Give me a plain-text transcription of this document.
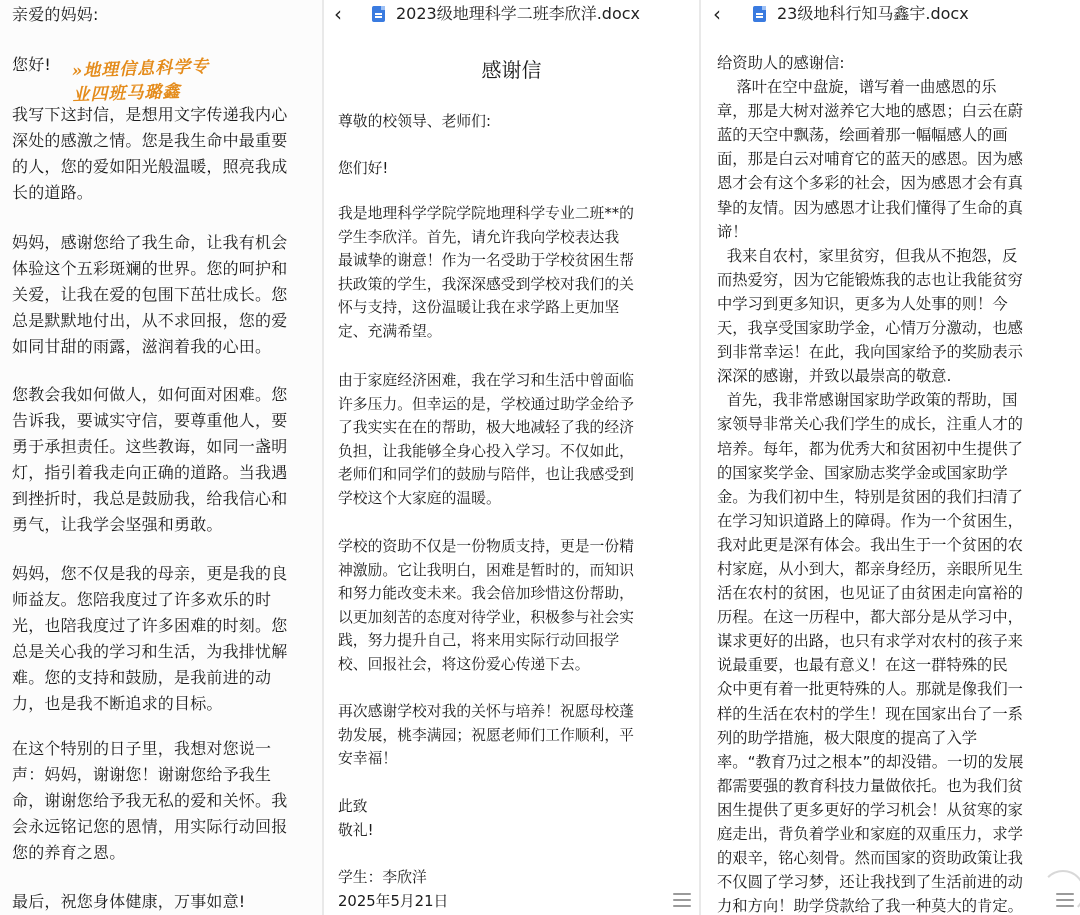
亲爱的妈妈:
您好!	»地理信息科学专
业四班马璐鑫
我写下这封信，是想用文字传递我内心
深处的感激之情。您是我生命中最重要
的人，您的爱如阳光般温暖，照亮我成
长的道路。
妈妈，感谢您给了我生命，让我有机会
体验这个五彩斑斓的世界。您的呵护和
关爱，让我在爱的包围下茁壮成长。您
总是默默地付出，从不求回报，您的爱
如同甘甜的雨露，滋润着我的心田。
您教会我如何做人，如何面对困难。您
告诉我，要诚实守信，要尊重他人，要
勇于承担责任。这些教诲，如同一盏明
灯，指引着我走向正确的道路。当我遇
到挫折时，我总是鼓励我，给我信心和
勇气，让我学会坚强和勇敢。
妈妈，您不仅是我的母亲，更是我的良
师益友。您陪我度过了许多欢乐的时
光，也陪我度过了许多困难的时刻。您
总是关心我的学习和生活，为我排忧解
难。您的支持和鼓励，是我前进的动
力，也是我不断追求的目标。
在这个特别的日子里，我想对您说一
声：妈妈，谢谢您！谢谢您给予我生
命，谢谢您给予我无私的爱和关怀。我
会永远铭记您的恩情，用实际行动回报
您的养育之恩。
最后，祝您身体健康，万事如意!
‹	2023级地理科学二班李欣洋.docx
感谢信
尊敬的校领导、老师们:
您们好!
我是地理科学学院学院地理科学专业二班**的
学生李欣洋。首先，请允许我向学校表达我
最诚挚的谢意！作为一名受助于学校贫困生帮
扶政策的学生，我深深感受到学校对我们的关
怀与支持，这份温暖让我在求学路上更加坚
定、充满希望。
由于家庭经济困难，我在学习和生活中曾面临
许多压力。但幸运的是，学校通过助学金给予
了我实实在在的帮助，极大地减轻了我的经济
负担，让我能够全身心投入学习。不仅如此，
老师们和同学们的鼓励与陪伴，也让我感受到
学校这个大家庭的温暖。
学校的资助不仅是一份物质支持，更是一份精
神激励。它让我明白，困难是暂时的，而知识
和努力能改变未来。我会倍加珍惜这份帮助，
以更加刻苦的态度对待学业，积极参与社会实
践，努力提升自己，将来用实际行动回报学
校、回报社会，将这份爱心传递下去。
再次感谢学校对我的关怀与培养！祝愿母校蓬
勃发展，桃李满园；祝愿老师们工作顺利，平
安幸福！
此致
敬礼!
学生：李欣洋
2025年5月21日
‹	23级地科行知马鑫宇.docx
给资助人的感谢信:
落叶在空中盘旋，谱写着一曲感恩的乐
章，那是大树对滋养它大地的感恩；白云在蔚
蓝的天空中飘荡，绘画着那一幅幅感人的画
面，那是白云对哺育它的蓝天的感恩。因为感
恩才会有这个多彩的社会，因为感恩才会有真
挚的友情。因为感恩才让我们懂得了生命的真
谛！
我来自农村，家里贫穷，但我从不抱怨，反
而热爱穷，因为它能锻炼我的志也让我能贫穷
中学习到更多知识，更多为人处事的则！今
天，我享受国家助学金，心情万分激动，也感
到非常幸运！在此，我向国家给予的奖励表示
深深的感谢，并致以最崇高的敬意.
首先，我非常感谢国家助学政策的帮助，国
家领导非常关心我们学生的成长，注重人才的
培养。每年，都为优秀大和贫困初中生提供了
的国家奖学金、国家励志奖学金或国家助学
金。为我们初中生，特别是贫困的我们扫清了
在学习知识道路上的障碍。作为一个贫困生，
我对此更是深有体会。我出生于一个贫困的农
村家庭，从小到大，都亲身经历，亲眼所见生
活在农村的贫困，也见证了由贫困走向富裕的
历程。在这一历程中，都大部分是从学习中，
谋求更好的出路，也只有求学对农村的孩子来
说最重要，也最有意义！在这一群特殊的民
众中更有着一批更特殊的人。那就是像我们一
样的生活在农村的学生！现在国家出台了一系
列的助学措施，极大限度的提高了入学
率。“教育乃过之根本”的却没错。一切的发展
都需要强的教育科技力量做依托。也为我们贫
困生提供了更多更好的学习机会！从贫寒的家
庭走出，背负着学业和家庭的双重压力，求学
的艰辛，铭心刻骨。然而国家的资助政策让我
不仅圆了学习梦，还让我找到了生活前进的动
力和方向！助学贷款给了我一种莫大的肯定。
